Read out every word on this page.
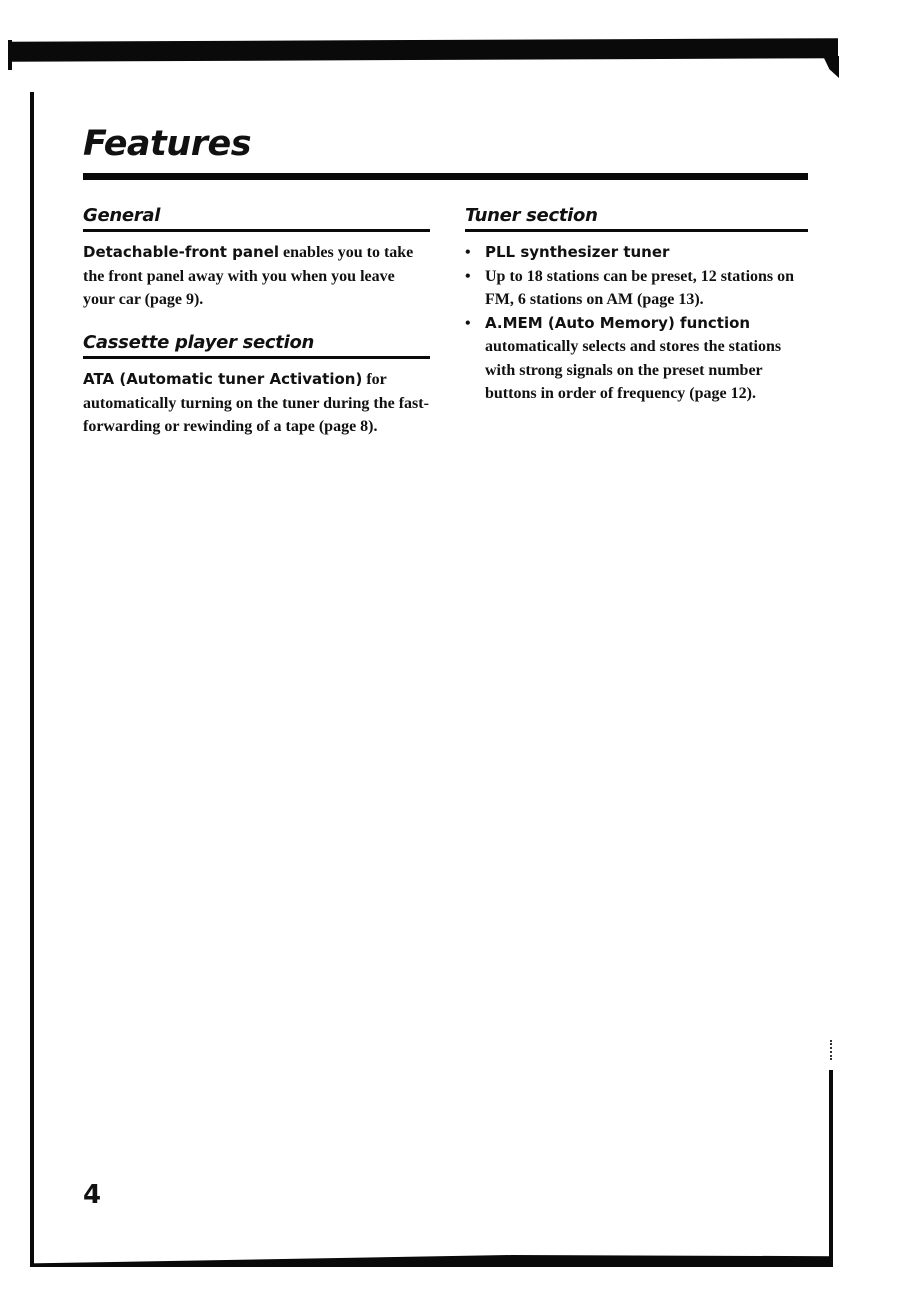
Features
General

Detachable-front panel enables you to take the front panel away with you when you leave your car (page 9).

Cassette player section

ATA (Automatic tuner Activation) for automatically turning on the tuner during the fast-forwarding or rewinding of a tape (page 8).

Tuner section
• PLL synthesizer tuner
• Up to 18 stations can be preset, 12 stations on FM, 6 stations on AM (page 13).
• A.MEM (Auto Memory) function automatically selects and stores the stations with strong signals on the preset number buttons in order of frequency (page 12).
4
